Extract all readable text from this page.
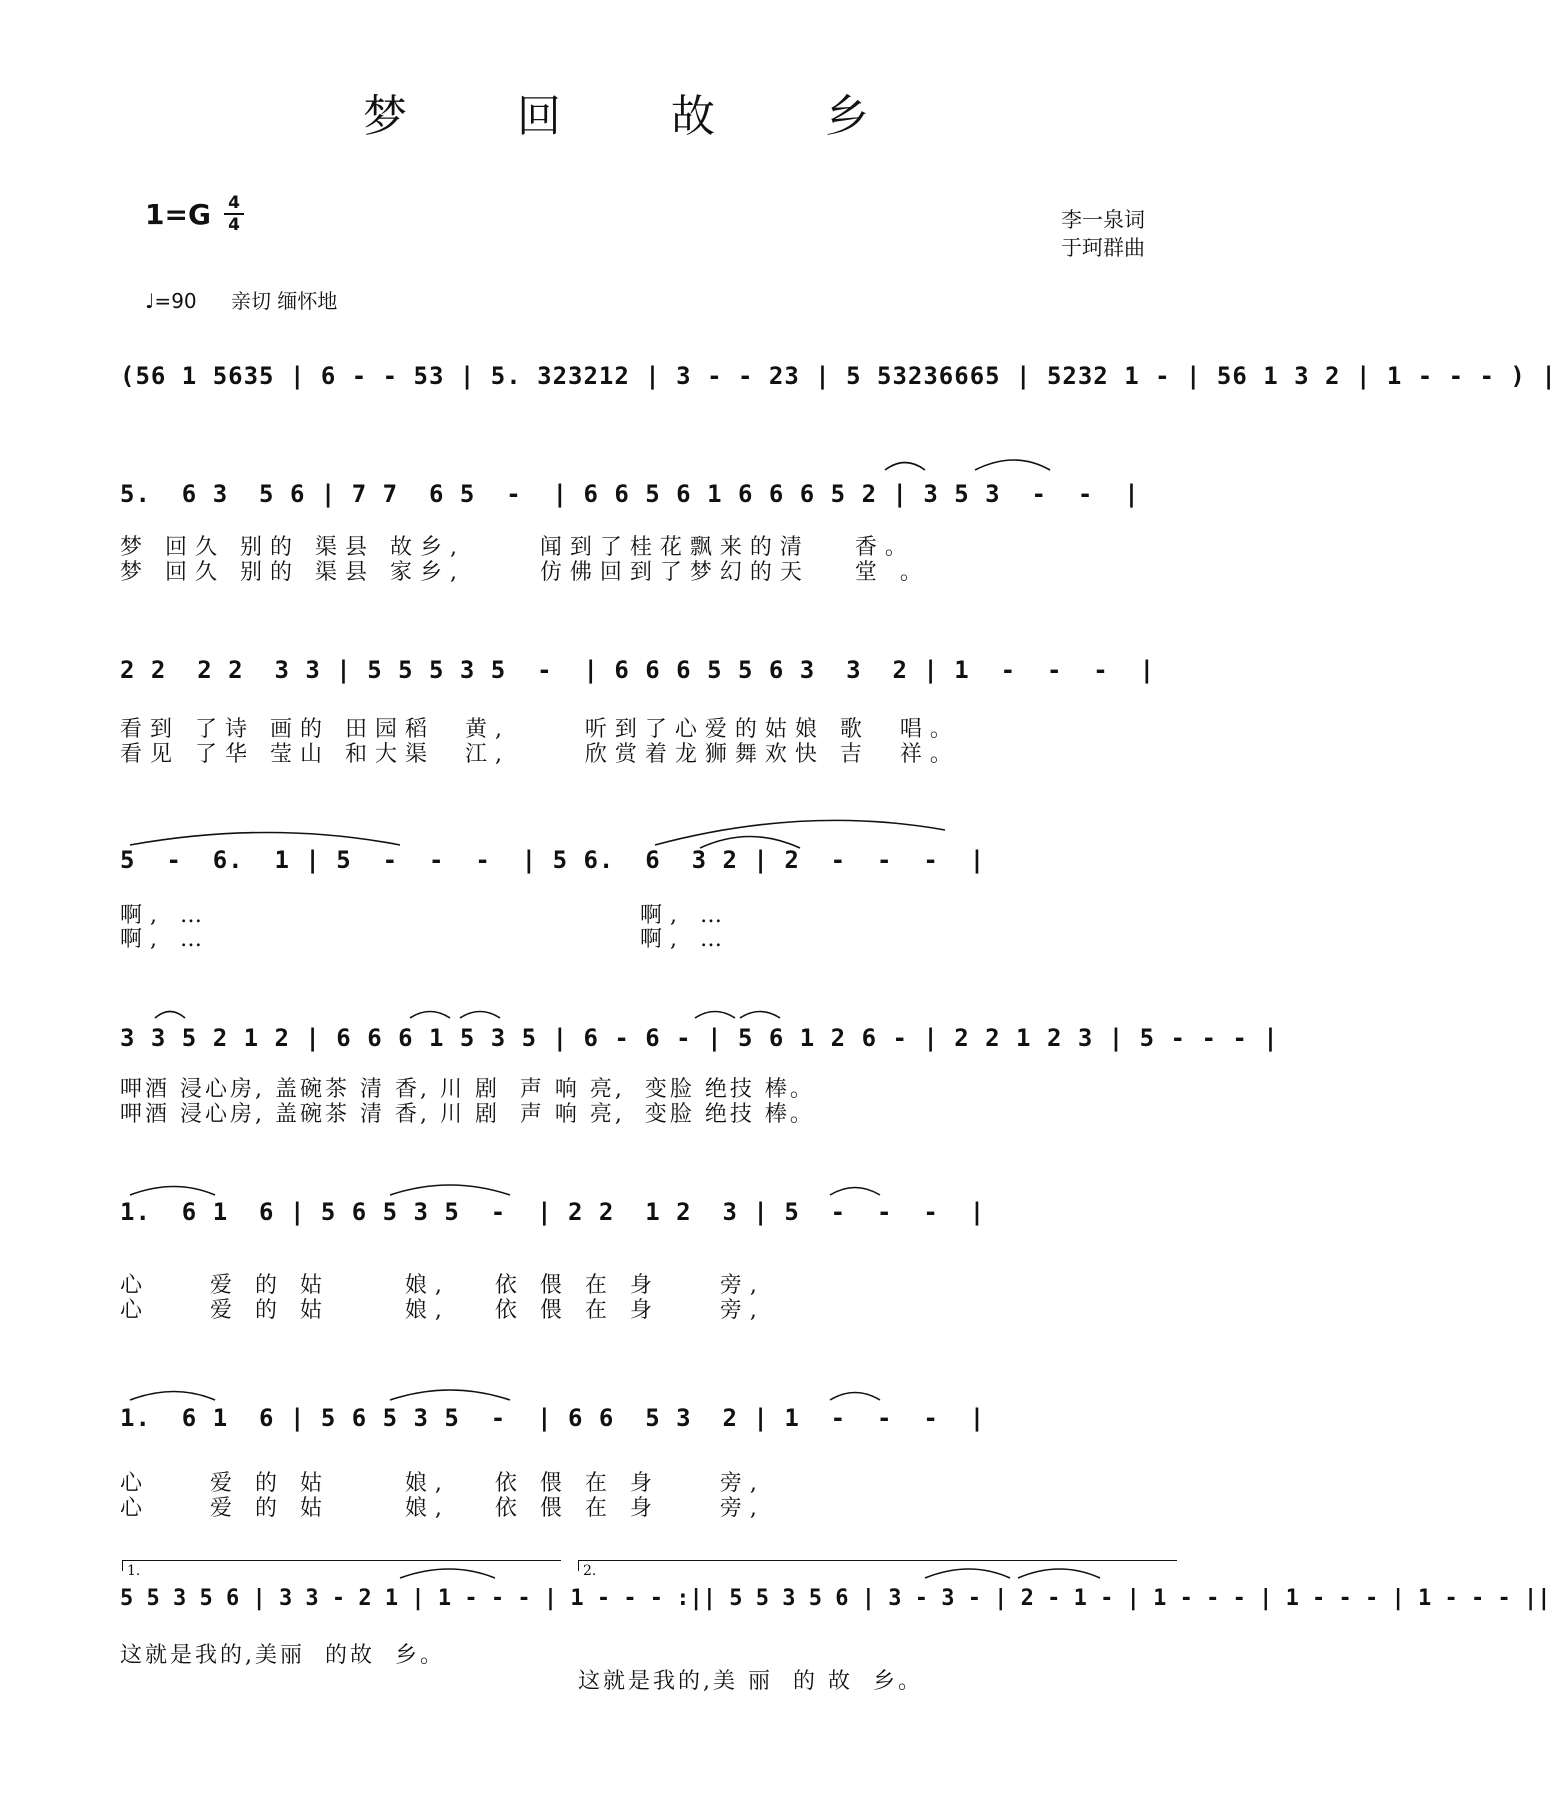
梦 回 故 乡
1=G 4
4	李一泉词
于珂群曲
♩=90 亲切 缅怀地
(56 1 5635 | 6 - - 53 | 5. 323212 | 3 - - 23 | 5 53236665 | 5232 1 - | 56 1 3 2 | 1 - - - ) |
5.  6 3  5 6 | 7 7  6 5  -  | 6 6 5 6 1 6 6 6 5 2 | 3 5 3  -  -  |
梦 回久 别的 渠县 故乡,     闻到了桂花飘来的清   香。
梦 回久 别的 渠县 家乡,     仿佛回到了梦幻的天   堂 。
2 2  2 2  3 3 | 5 5 5 3 5  -  | 6 6 6 5 5 6 3  3  2 | 1  -  -  -  |
看到 了诗 画的 田园稻  黄,     听到了心爱的姑娘 歌  唱。
看见 了华 莹山 和大渠  江,     欣赏着龙狮舞欢快 吉  祥。
5  -  6.  1 | 5  -  -  -  | 5 6.  6  3 2 | 2  -  -  -  |
啊, …
啊, …
啊, …
啊, …
3 3 5 2 1 2 | 6 6 6 1 5 3 5 | 6 - 6 - | 5 6 1 2 6 - | 2 2 1 2 3 | 5 - - - |
呷酒 浸心房, 盖碗茶 清 香, 川 剧  声 响 亮,  变脸 绝技 棒。
呷酒 浸心房, 盖碗茶 清 香, 川 剧  声 响 亮,  变脸 绝技 棒。
1.  6 1  6 | 5 6 5 3 5  -  | 2 2  1 2  3 | 5  -  -  -  |
心    爱 的 姑     娘,   依 偎 在 身    旁,
心    爱 的 姑     娘,   依 偎 在 身    旁,
1.  6 1  6 | 5 6 5 3 5  -  | 6 6  5 3  2 | 1  -  -  -  |
心    爱 的 姑     娘,   依 偎 在 身    旁,
心    爱 的 姑     娘,   依 偎 在 身    旁,
1.	2.
5 5 3 5 6 | 3 3 - 2 1 | 1 - - - | 1 - - - :|| 5 5 3 5 6 | 3 - 3 - | 2 - 1 - | 1 - - - | 1 - - - | 1 - - - ||
这就是我的,美丽  的故  乡。
这就是我的,美 丽  的 故  乡。
